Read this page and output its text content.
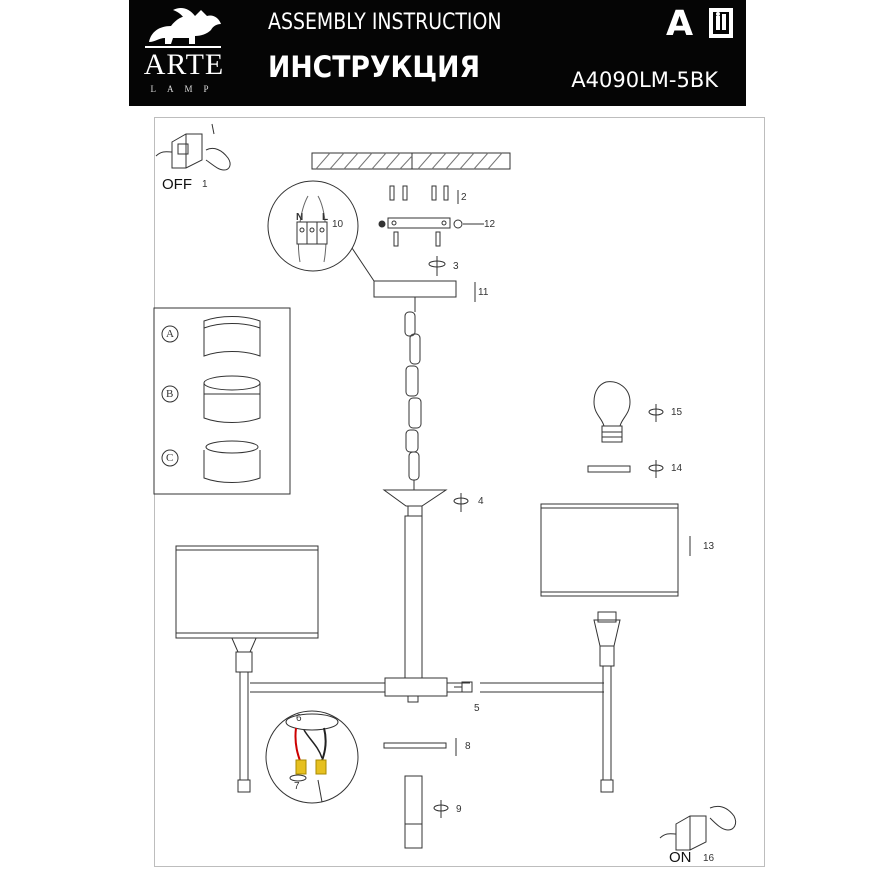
ARTE
LAMP
ASSEMBLY INSTRUCTION
ИНСТРУКЦИЯ
A
A4090LM-5BK
OFF
ON
1
2
3
4
5
6
7
8
9
10
11
12
13
14
15
16
N L
A
B
C
